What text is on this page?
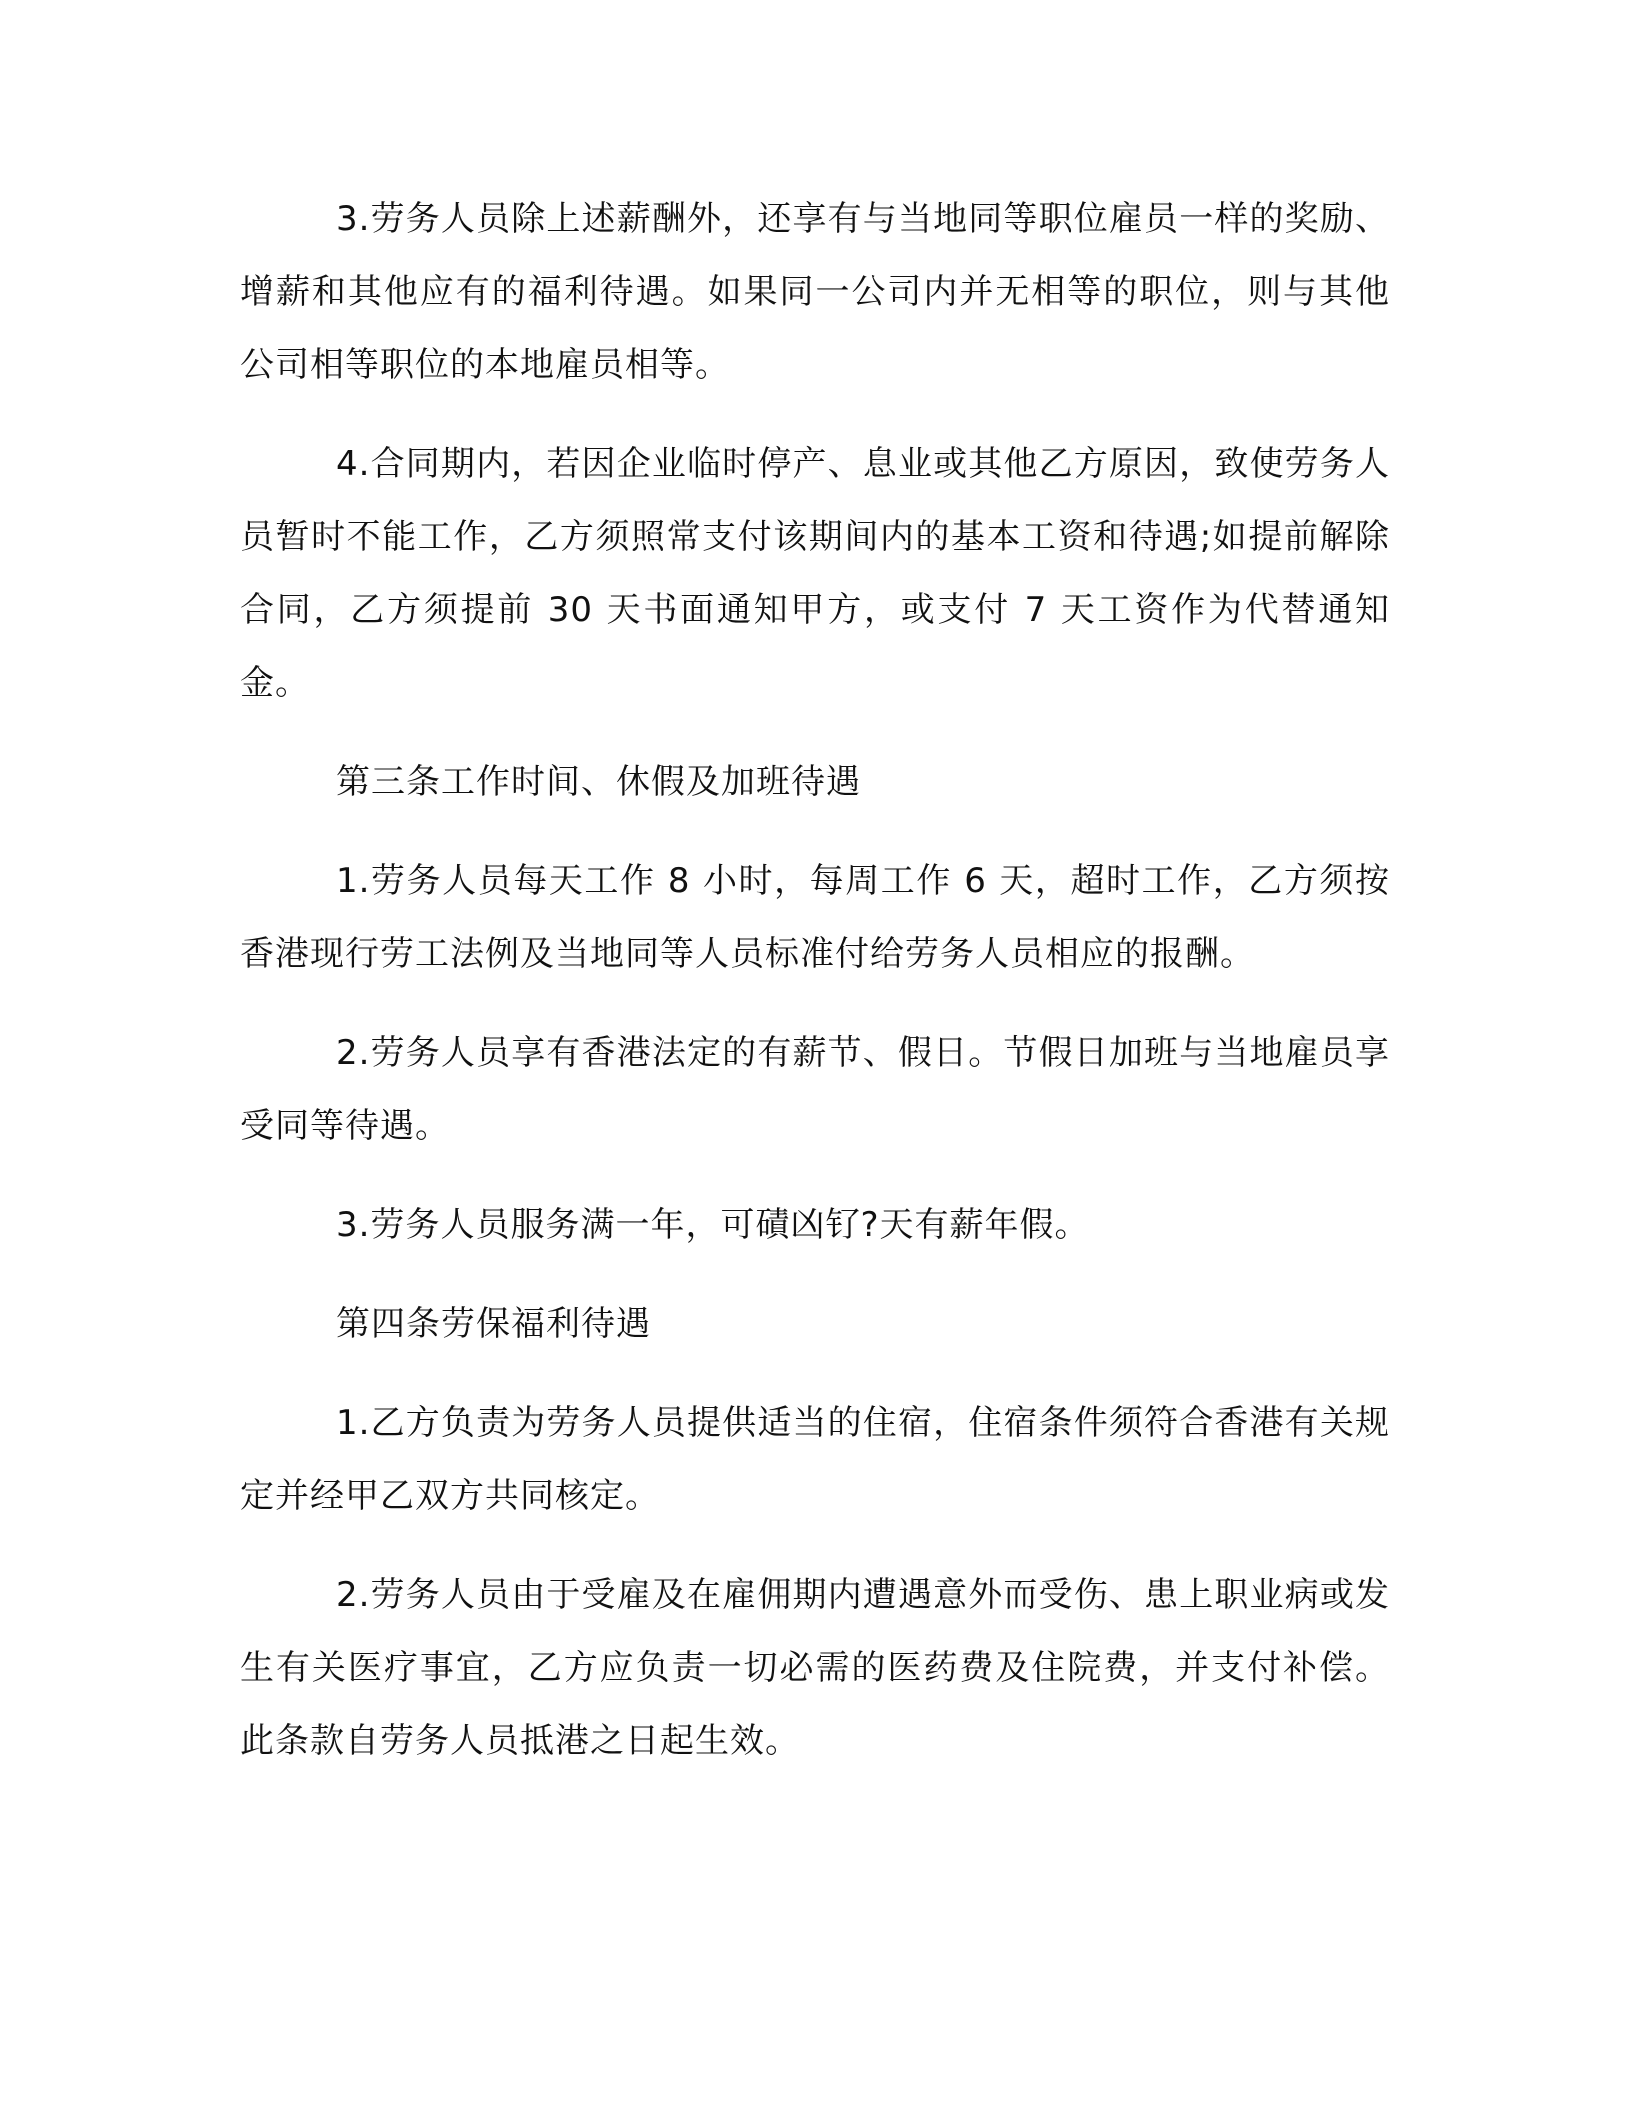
3.劳务人员除上述薪酬外，还享有与当地同等职位雇员一样的奖励、增薪和其他应有的福利待遇。如果同一公司内并无相等的职位，则与其他公司相等职位的本地雇员相等。

4.合同期内，若因企业临时停产、息业或其他乙方原因，致使劳务人员暂时不能工作，乙方须照常支付该期间内的基本工资和待遇;如提前解除合同，乙方须提前 30 天书面通知甲方，或支付 7 天工资作为代替通知金。

第三条工作时间、休假及加班待遇

1.劳务人员每天工作 8 小时，每周工作 6 天，超时工作，乙方须按香港现行劳工法例及当地同等人员标准付给劳务人员相应的报酬。

2.劳务人员享有香港法定的有薪节、假日。节假日加班与当地雇员享受同等待遇。

3.劳务人员服务满一年，可磧凶钌?天有薪年假。

第四条劳保福利待遇

1.乙方负责为劳务人员提供适当的住宿，住宿条件须符合香港有关规定并经甲乙双方共同核定。

2.劳务人员由于受雇及在雇佣期内遭遇意外而受伤、患上职业病或发生有关医疗事宜，乙方应负责一切必需的医药费及住院费，并支付补偿。此条款自劳务人员抵港之日起生效。
